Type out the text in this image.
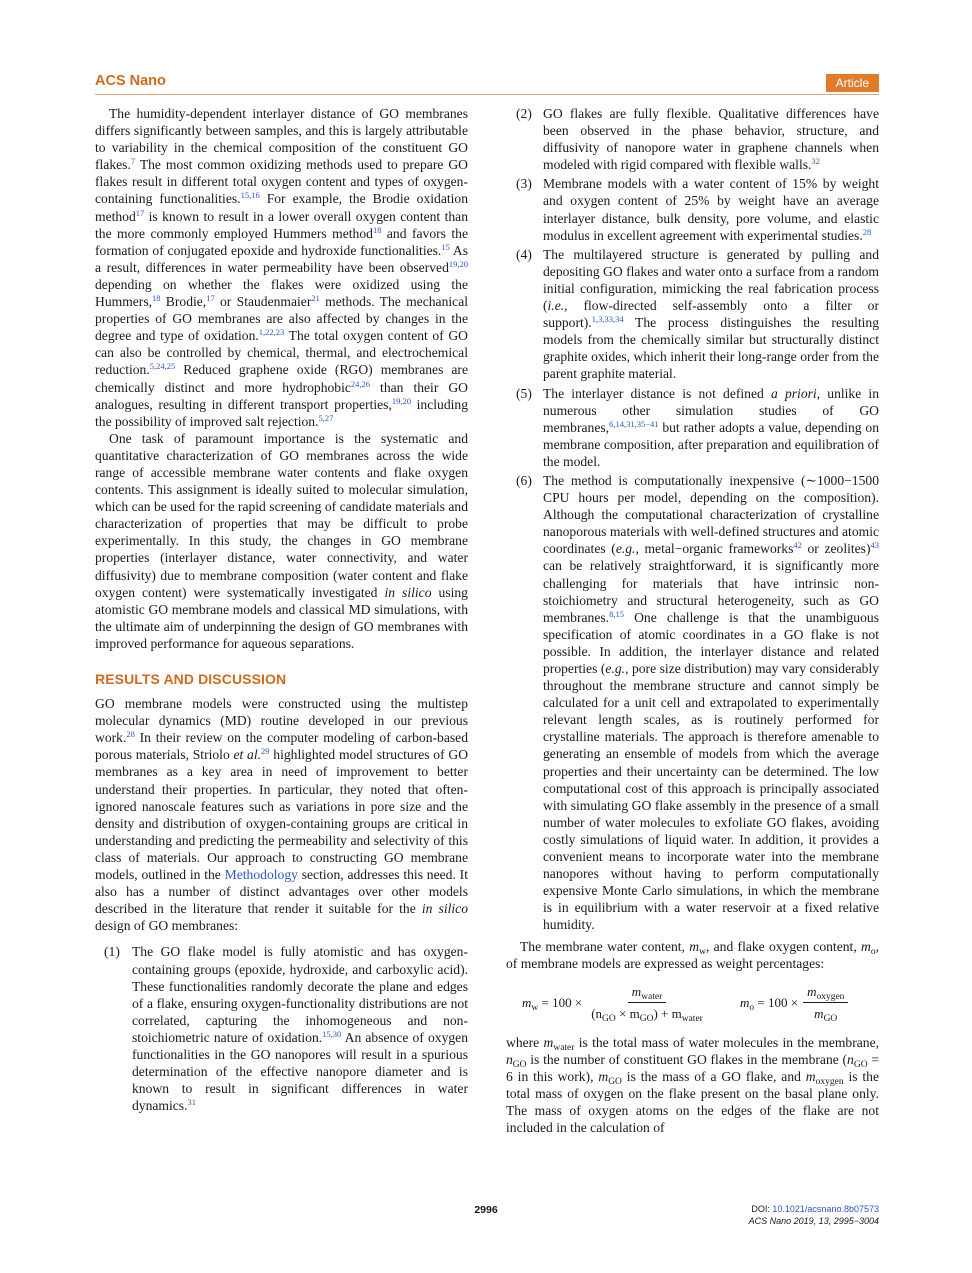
ACS Nano	Article

The humidity-dependent interlayer distance of GO membranes differs significantly between samples, and this is largely attributable to variability in the chemical composition of the constituent GO flakes.$^7$ The most common oxidizing methods used to prepare GO flakes result in different total oxygen content and types of oxygen-containing functionalities.$^{15,16}$ For example, the Brodie oxidation method$^{17}$ is known to result in a lower overall oxygen content than the more commonly employed Hummers method$^{18}$ and favors the formation of conjugated epoxide and hydroxide functionalities.$^{15}$ As a result, differences in water permeability have been observed$^{19,20}$ depending on whether the flakes were oxidized using the Hummers,$^{18}$ Brodie,$^{17}$ or Staudenmaier$^{21}$ methods. The mechanical properties of GO membranes are also affected by changes in the degree and type of oxidation.$^{1,22,23}$ The total oxygen content of GO can also be controlled by chemical, thermal, and electrochemical reduction.$^{5,24,25}$ Reduced graphene oxide (RGO) membranes are chemically distinct and more hydrophobic$^{24,26}$ than their GO analogues, resulting in different transport properties,$^{19,20}$ including the possibility of improved salt rejection.$^{5,27}$

One task of paramount importance is the systematic and quantitative characterization of GO membranes across the wide range of accessible membrane water contents and flake oxygen contents. This assignment is ideally suited to molecular simulation, which can be used for the rapid screening of candidate materials and characterization of properties that may be difficult to probe experimentally. In this study, the changes in GO membrane properties (interlayer distance, water connectivity, and water diffusivity) due to membrane composition (water content and flake oxygen content) were systematically investigated in silico using atomistic GO membrane models and classical MD simulations, with the ultimate aim of underpinning the design of GO membranes with improved performance for aqueous separations.

RESULTS AND DISCUSSION

GO membrane models were constructed using the multistep molecular dynamics (MD) routine developed in our previous work.$^{28}$ In their review on the computer modeling of carbon-based porous materials, Striolo et al.$^{29}$ highlighted model structures of GO membranes as a key area in need of improvement to better understand their properties. In particular, they noted that often-ignored nanoscale features such as variations in pore size and the density and distribution of oxygen-containing groups are critical in understanding and predicting the permeability and selectivity of this class of materials. Our approach to constructing GO membrane models, outlined in the Methodology section, addresses this need. It also has a number of distinct advantages over other models described in the literature that render it suitable for the in silico design of GO membranes:

(1) The GO flake model is fully atomistic and has oxygen-containing groups (epoxide, hydroxide, and carboxylic acid). These functionalities randomly decorate the plane and edges of a flake, ensuring oxygen-functionality distributions are not correlated, capturing the inhomogeneous and non-stoichiometric nature of oxidation.$^{15,30}$ An absence of oxygen functionalities in the GO nanopores will result in a spurious determination of the effective nanopore diameter and is known to result in significant differences in water dynamics.$^{31}$
(2) GO flakes are fully flexible. Qualitative differences have been observed in the phase behavior, structure, and diffusivity of nanopore water in graphene channels when modeled with rigid compared with flexible walls.$^{32}$
(3) Membrane models with a water content of 15% by weight and oxygen content of 25% by weight have an average interlayer distance, bulk density, pore volume, and elastic modulus in excellent agreement with experimental studies.$^{28}$
(4) The multilayered structure is generated by pulling and depositing GO flakes and water onto a surface from a random initial configuration, mimicking the real fabrication process (i.e., flow-directed self-assembly onto a filter or support).$^{1,3,33,34}$ The process distinguishes the resulting models from the chemically similar but structurally distinct graphite oxides, which inherit their long-range order from the parent graphite material.
(5) The interlayer distance is not defined a priori, unlike in numerous other simulation studies of GO membranes,$^{6,14,31,35-41}$ but rather adopts a value, depending on membrane composition, after preparation and equilibration of the model.
(6) The method is computationally inexpensive (∼1000−1500 CPU hours per model, depending on the composition). Although the computational characterization of crystalline nanoporous materials with well-defined structures and atomic coordinates (e.g., metal−organic frameworks$^{42}$ or zeolites)$^{43}$ can be relatively straightforward, it is significantly more challenging for materials that have intrinsic non-stoichiometry and structural heterogeneity, such as GO membranes.$^{8,15}$ One challenge is that the unambiguous specification of atomic coordinates in a GO flake is not possible. In addition, the interlayer distance and related properties (e.g., pore size distribution) may vary considerably throughout the membrane structure and cannot simply be calculated for a unit cell and extrapolated to experimentally relevant length scales, as is routinely performed for crystalline materials. The approach is therefore amenable to generating an ensemble of models from which the average properties and their uncertainty can be determined. The low computational cost of this approach is principally associated with simulating GO flake assembly in the presence of a small number of water molecules to exfoliate GO flakes, avoiding costly simulations of liquid water. In addition, it provides a convenient means to incorporate water into the membrane nanopores without having to perform computationally expensive Monte Carlo simulations, in which the membrane is in equilibrium with a water reservoir at a fixed relative humidity.

The membrane water content, $m_w$, and flake oxygen content, $m_o$, of membrane models are expressed as weight percentages:

$m_w = 100 \times \frac{m_{water}}{(n_{GO} \times m_{GO}) + m_{water}}$	$m_o = 100 \times \frac{m_{oxygen}}{m_{GO}}$

where $m_{water}$ is the total mass of water molecules in the membrane, $n_{GO}$ is the number of constituent GO flakes in the membrane ($n_{GO} = 6$ in this work), $m_{GO}$ is the mass of a GO flake, and $m_{oxygen}$ is the total mass of oxygen on the flake present on the basal plane only. The mass of oxygen atoms on the edges of the flake are not included in the calculation of

2996	DOI: 10.1021/acsnano.8b07573
ACS Nano 2019, 13, 2995−3004
